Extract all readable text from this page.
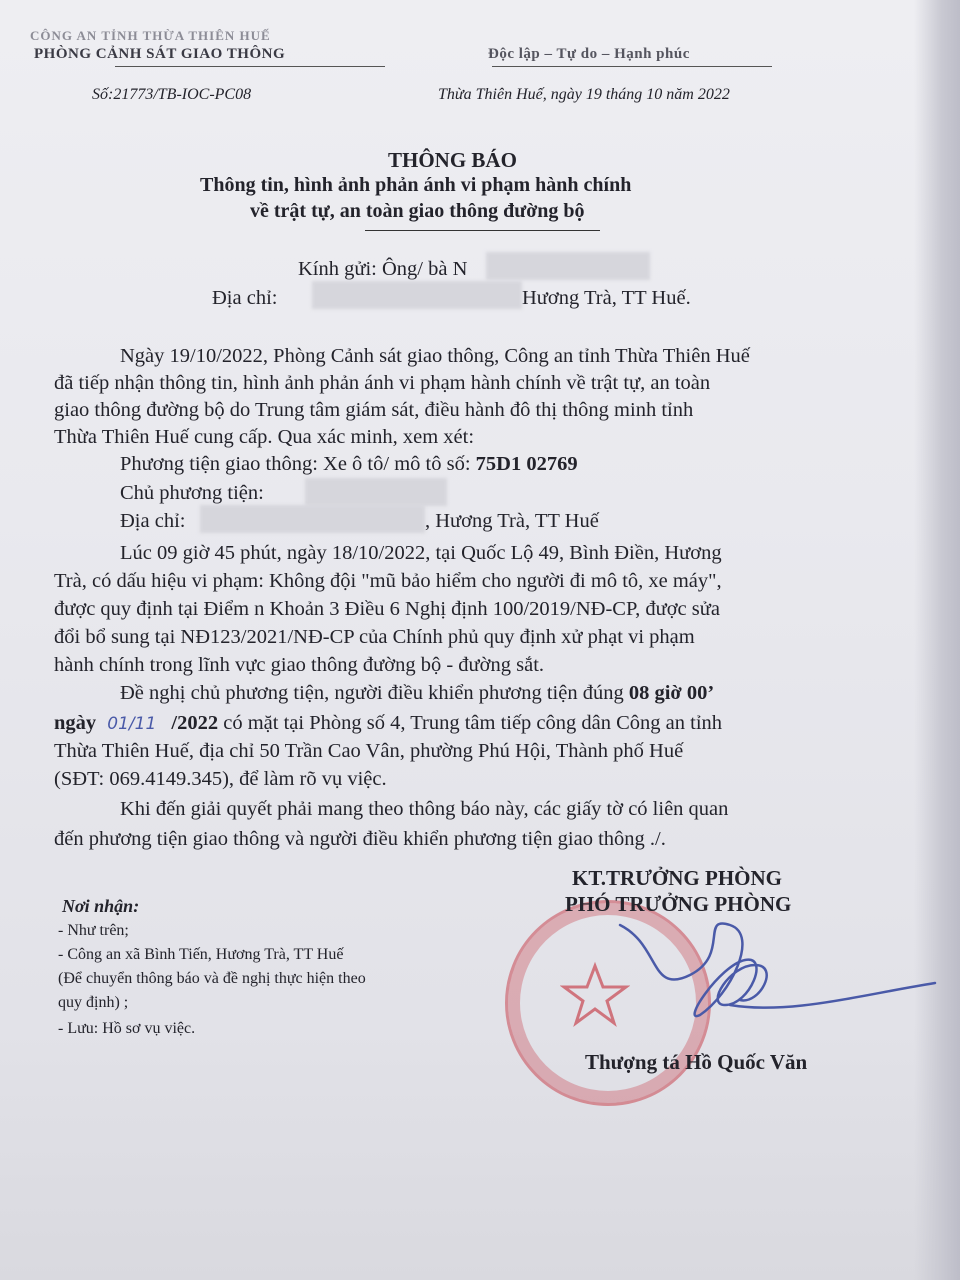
CÔNG AN TỈNH THỪA THIÊN HUẾ
PHÒNG CẢNH SÁT GIAO THÔNG	Độc lập – Tự do – Hạnh phúc
Số:21773/TB-IOC-PC08	Thừa Thiên Huế, ngày 19 tháng 10 năm 2022
THÔNG BÁO
Thông tin, hình ảnh phản ánh vi phạm hành chính
về trật tự, an toàn giao thông đường bộ
Kính gửi: Ông/ bà N
Địa chỉ:	Hương Trà, TT Huế.
Ngày 19/10/2022, Phòng Cảnh sát giao thông, Công an tỉnh Thừa Thiên Huế
đã tiếp nhận thông tin, hình ảnh phản ánh vi phạm hành chính về trật tự, an toàn
giao thông đường bộ do Trung tâm giám sát, điều hành đô thị thông minh tỉnh
Thừa Thiên Huế cung cấp. Qua xác minh, xem xét:
Phương tiện giao thông: Xe ô tô/ mô tô số: 75D1 02769
Chủ phương tiện:
Địa chỉ:	, Hương Trà, TT Huế
Lúc 09 giờ 45 phút, ngày 18/10/2022, tại Quốc Lộ 49, Bình Điền, Hương
Trà, có dấu hiệu vi phạm: Không đội "mũ bảo hiểm cho người đi mô tô, xe máy",
được quy định tại Điểm n Khoản 3 Điều 6 Nghị định 100/2019/NĐ-CP, được sửa
đổi bổ sung tại NĐ123/2021/NĐ-CP của Chính phủ quy định xử phạt vi phạm
hành chính trong lĩnh vực giao thông đường bộ - đường sắt.
Đề nghị chủ phương tiện, người điều khiển phương tiện đúng 08 giờ 00’
ngày 01/11 /2022 có mặt tại Phòng số 4, Trung tâm tiếp công dân Công an tỉnh
Thừa Thiên Huế, địa chỉ 50 Trần Cao Vân, phường Phú Hội, Thành phố Huế
(SĐT: 069.4149.345), để làm rõ vụ việc.
Khi đến giải quyết phải mang theo thông báo này, các giấy tờ có liên quan
đến phương tiện giao thông và người điều khiển phương tiện giao thông ./.
Nơi nhận:
- Như trên;
- Công an xã Bình Tiến, Hương Trà, TT Huế
(Để chuyển thông báo và đề nghị thực hiện theo
quy định) ;
- Lưu: Hồ sơ vụ việc.
KT.TRƯỞNG PHÒNG
PHÓ TRƯỞNG PHÒNG
Thượng tá Hồ Quốc Văn
